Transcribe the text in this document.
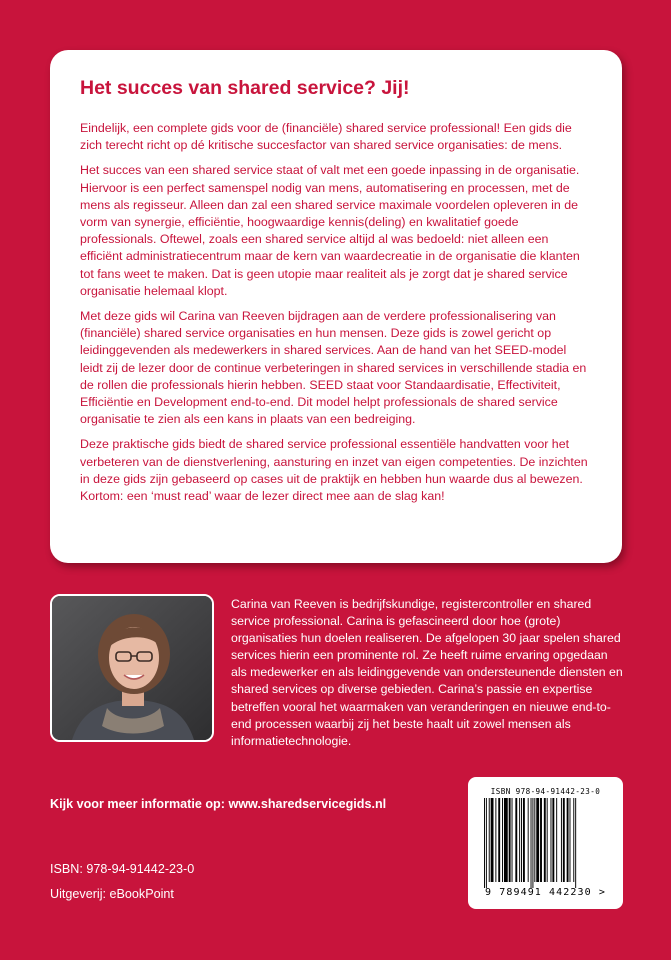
Het succes van shared service? Jij!

Eindelijk, een complete gids voor de (financiële) shared service professional! Een gids die zich terecht richt op dé kritische succesfactor van shared service organisaties: de mens.

Het succes van een shared service staat of valt met een goede inpassing in de organisatie. Hiervoor is een perfect samenspel nodig van mens, automatisering en processen, met de mens als regisseur. Alleen dan zal een shared service maximale voordelen opleveren in de vorm van synergie, efficiëntie, hoogwaardige kennis(deling) en kwalitatief goede professionals. Oftewel, zoals een shared service altijd al was bedoeld: niet alleen een efficiënt administratiecentrum maar de kern van waardecreatie in de organisatie die klanten tot fans weet te maken. Dat is geen utopie maar realiteit als je zorgt dat je shared service organisatie helemaal klopt.

Met deze gids wil Carina van Reeven bijdragen aan de verdere professionalisering van (financiële) shared service organisaties en hun mensen. Deze gids is zowel gericht op leidinggevenden als medewerkers in shared services. Aan de hand van het SEED-model leidt zij de lezer door de continue verbeteringen in shared services in verschillende stadia en de rollen die professionals hierin hebben. SEED staat voor Standaardisatie, Effectiviteit, Efficiëntie en Development end-to-end. Dit model helpt professionals de shared service organisatie te zien als een kans in plaats van een bedreiging.

Deze praktische gids biedt de shared service professional essentiële handvatten voor het verbeteren van de dienstverlening, aansturing en inzet van eigen competenties. De inzichten in deze gids zijn gebaseerd op cases uit de praktijk en hebben hun waarde dus al bewezen. Kortom: een ‘must read’ waar de lezer direct mee aan de slag kan!

Carina van Reeven is bedrijfskundige, registercontroller en shared service professional. Carina is gefascineerd door hoe (grote) organisaties hun doelen realiseren. De afgelopen 30 jaar spelen shared services hierin een prominente rol. Ze heeft ruime ervaring opgedaan als medewerker en als leidinggevende van ondersteunende diensten en shared services op diverse gebieden. Carina’s passie en expertise betreffen vooral het waarmaken van veranderingen en nieuwe end-to-end processen waarbij zij het beste haalt uit zowel mensen als informatietechnologie.

Kijk voor meer informatie op: www.sharedservicegids.nl

ISBN: 978-94-91442-23-0

Uitgeverij: eBookPoint

ISBN 978-94-91442-23-0

9 789491 442230 >
